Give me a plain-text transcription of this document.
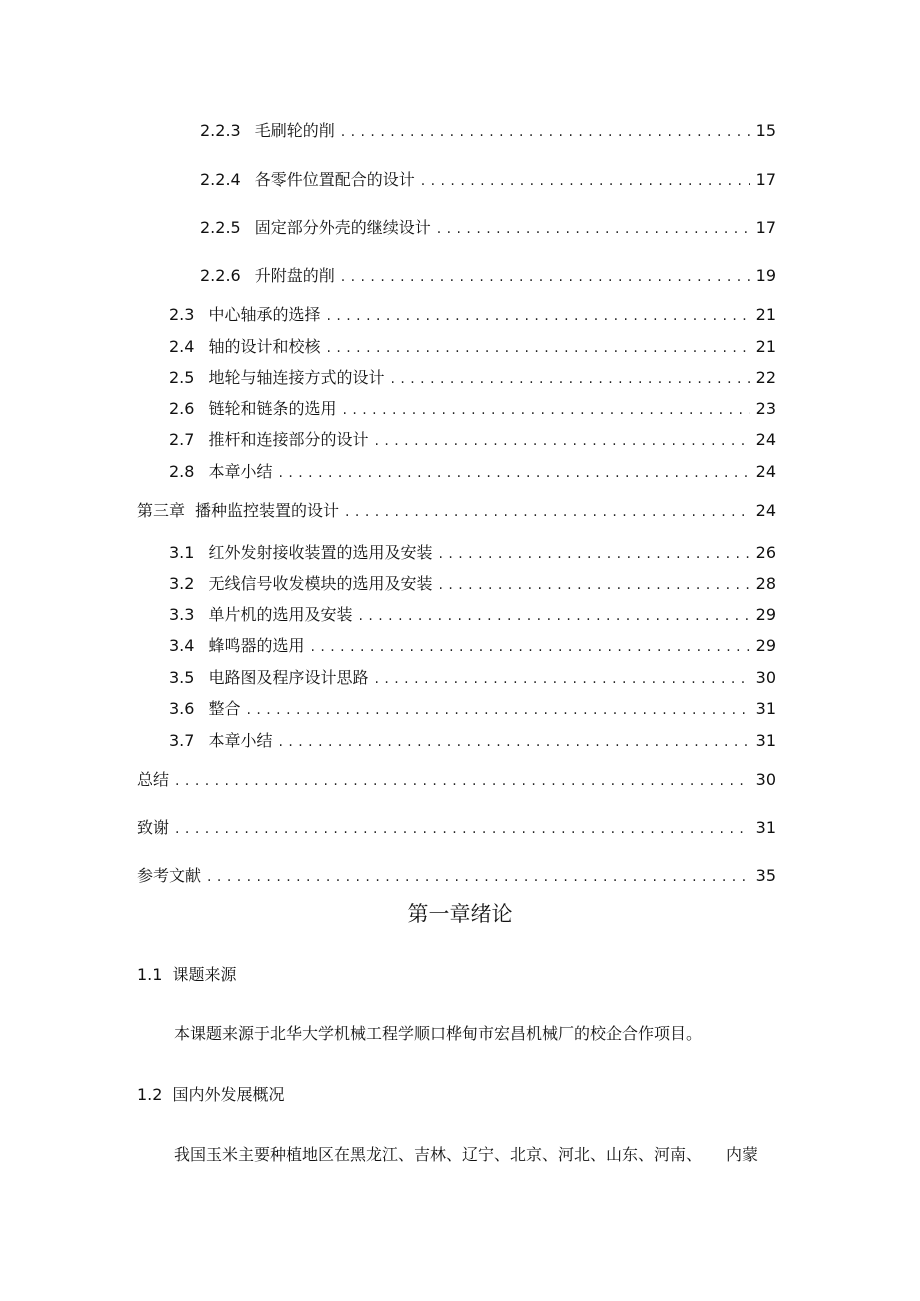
2.2.3 毛刷轮的削 . . .	15
2.2.4 各零件位置配合的设计 . . .	17
2.2.5 固定部分外壳的继续设计 . . .	17
2.2.6 升附盘的削 . . .	19
2.3 中心轴承的选择 . . .	21
2.4 轴的设计和校核 . . .	21
2.5 地轮与轴连接方式的设计 . . .	22
2.6 链轮和链条的选用 . . .	23
2.7 推杆和连接部分的设计 . . .	24
2.8 本章小结 . . .	24
第三章 播种监控装置的设计 . . .	24
3.1 红外发射接收装置的选用及安装 . . .	26
3.2 无线信号收发模块的选用及安装 . . .	28
3.3 单片机的选用及安装 . . .	29
3.4 蜂鸣器的选用 . . .	29
3.5 电路图及程序设计思路 . . .	30
3.6 整合 . . .	31
3.7 本章小结 . . .	31
总结 . . .	30
致谢 . . .	31
参考文献 . . .	35
第一章绪论
1.1 课题来源
本课题来源于北华大学机械工程学顺口桦甸市宏昌机械厂的校企合作项目。
1.2 国内外发展概况
我国玉米主要种植地区在黑龙江、吉林、辽宁、北京、河北、山东、河南、 内蒙
